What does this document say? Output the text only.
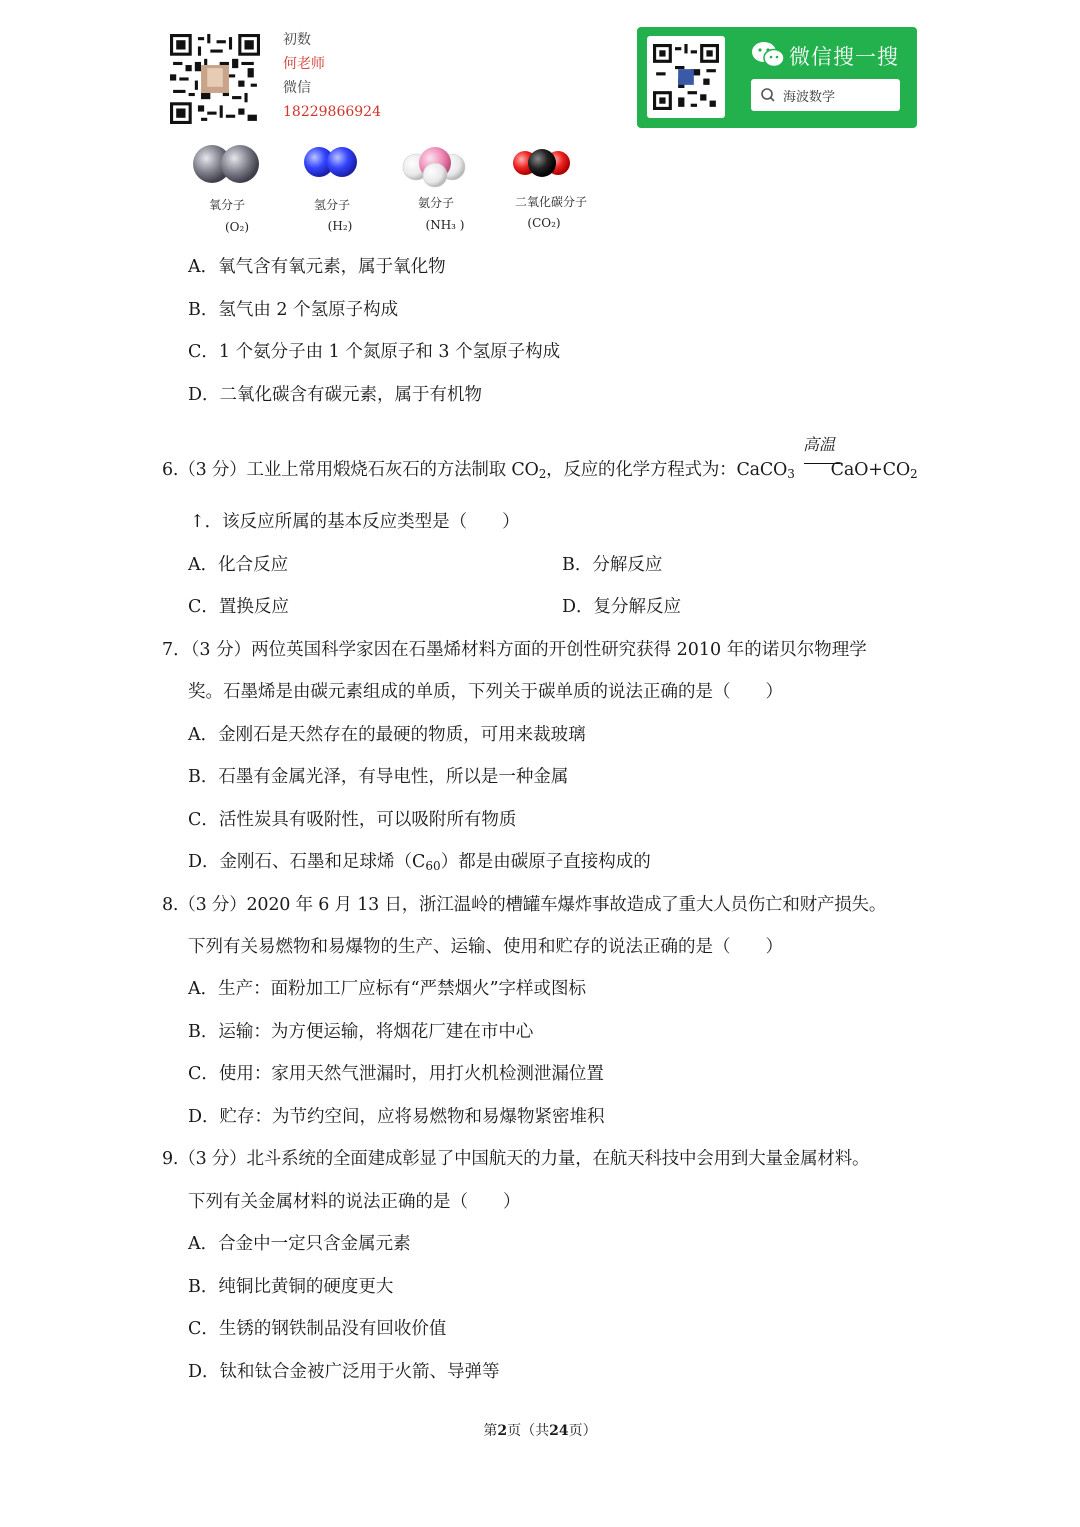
初数
何老师
微信
18229866924
微信搜一搜
海波数学
氧分子
(O₂)
氢分子
(H₂)
氨分子
(NH₃ )
二氧化碳分子
(CO₂)
A．氧气含有氧元素，属于氧化物
B．氢气由 2 个氢原子构成
C．1 个氨分子由 1 个氮原子和 3 个氢原子构成
D．二氧化碳含有碳元素，属于有机物
高温
6.（3 分）工业上常用煅烧石灰石的方法制取 $CO_2$，反应的化学方程式为：CaCO$_3$ $CaO+CO_2$
↑．该反应所属的基本反应类型是（　　）
A．化合反应	B．分解反应
C．置换反应	D．复分解反应
7．（3 分）两位英国科学家因在石墨烯材料方面的开创性研究获得 2010 年的诺贝尔物理学
奖。石墨烯是由碳元素组成的单质，下列关于碳单质的说法正确的是（　　）
A．金刚石是天然存在的最硬的物质，可用来裁玻璃
B．石墨有金属光泽，有导电性，所以是一种金属
C．活性炭具有吸附性，可以吸附所有物质
D．金刚石、石墨和足球烯$(C_{60})$都是由碳原子直接构成的
8.（3 分）2020 年 6 月 13 日，浙江温岭的槽罐车爆炸事故造成了重大人员伤亡和财产损失。
下列有关易燃物和易爆物的生产、运输、使用和贮存的说法正确的是（　　）
A．生产：面粉加工厂应标有“严禁烟火”字样或图标
B．运输：为方便运输，将烟花厂建在市中心
C．使用：家用天然气泄漏时，用打火机检测泄漏位置
D．贮存：为节约空间，应将易燃物和易爆物紧密堆积
9.（3 分）北斗系统的全面建成彰显了中国航天的力量，在航天科技中会用到大量金属材料。
下列有关金属材料的说法正确的是（　　）
A．合金中一定只含金属元素
B．纯铜比黄铜的硬度更大
C．生锈的钢铁制品没有回收价值
D．钛和钛合金被广泛用于火箭、导弹等
第2页（共24页）
